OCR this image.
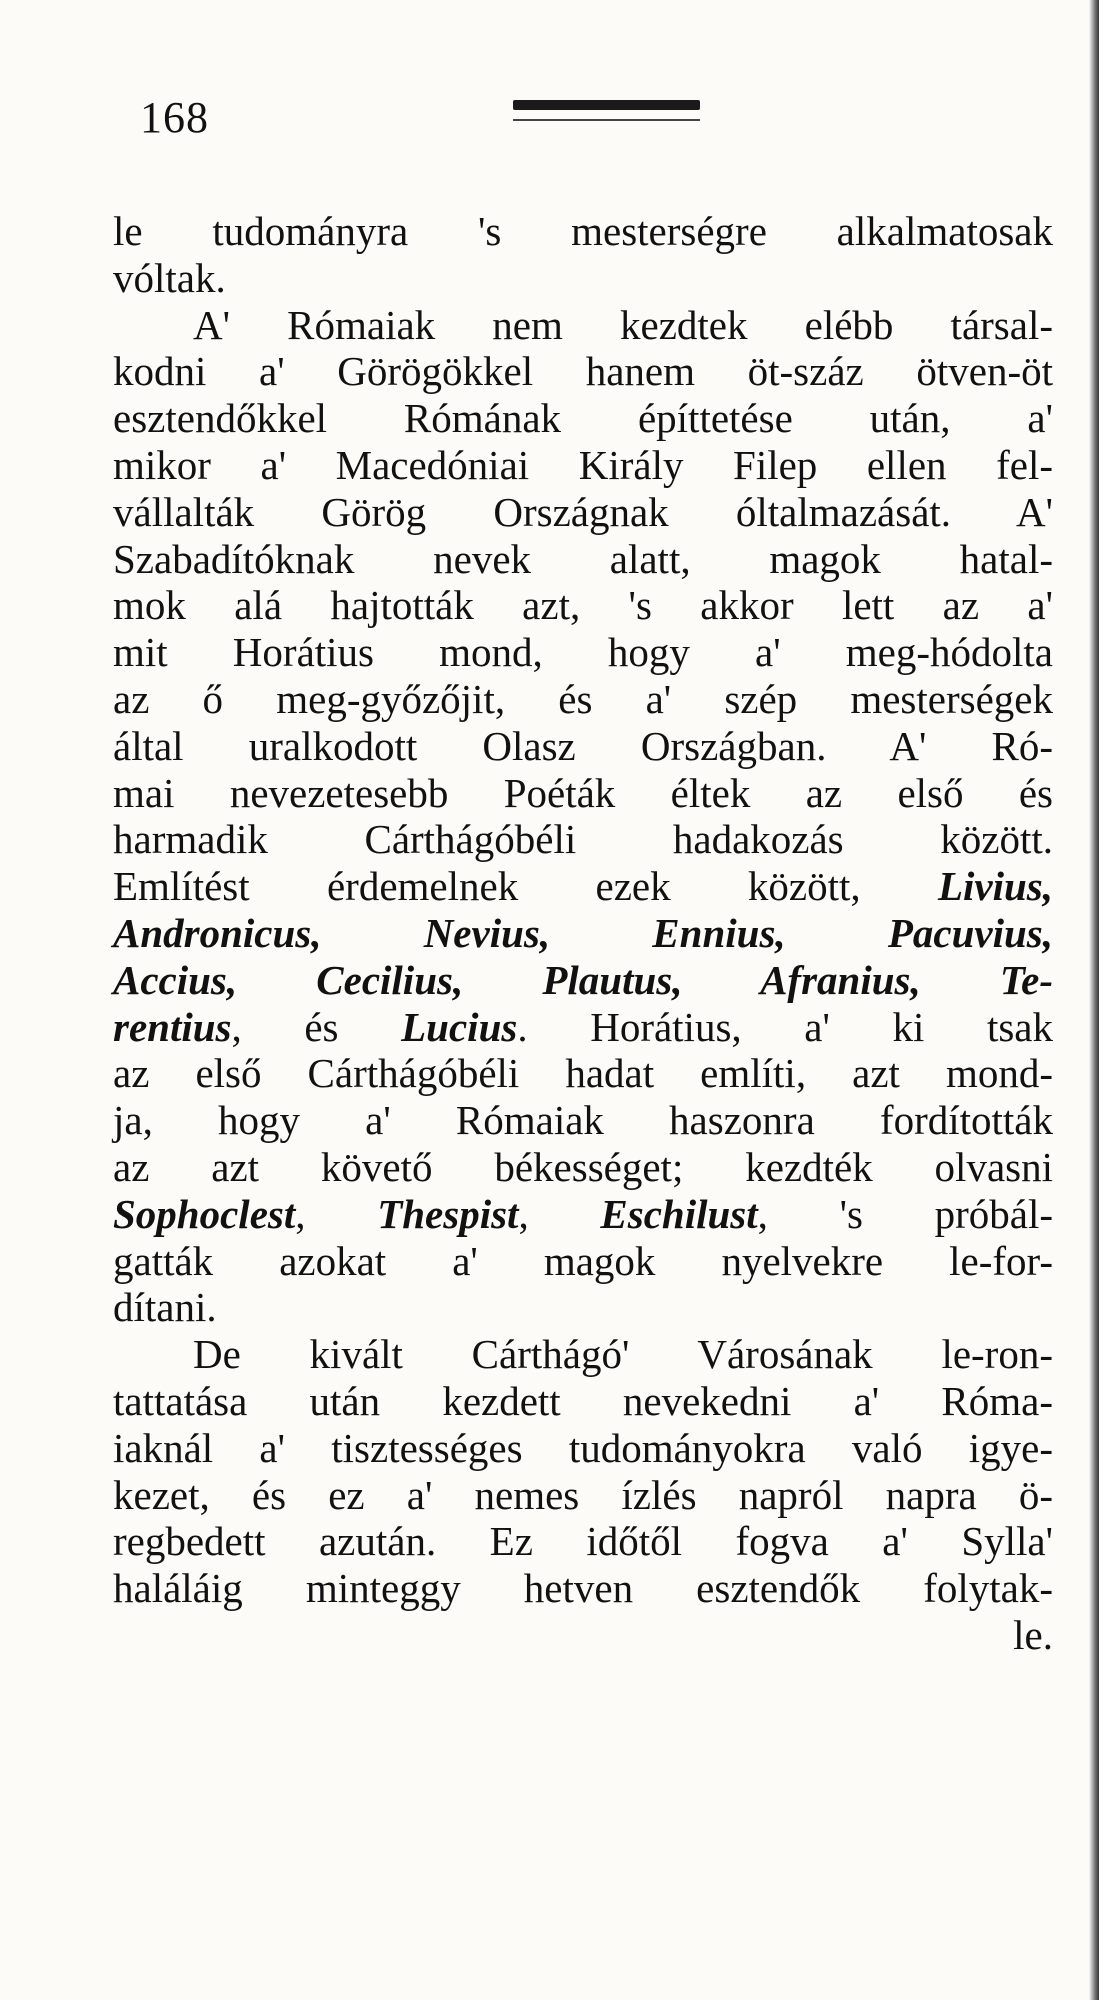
168
le tudományra 's mesterségre alkalmatosak
vóltak.
A' Rómaiak nem kezdtek elébb társal-
kodni a' Görögökkel hanem öt-száz ötven-öt
esztendőkkel Rómának építtetése után, a'
mikor a' Macedóniai Király Filep ellen fel-
vállalták Görög Országnak óltalmazását. A'
Szabadítóknak nevek alatt, magok hatal-
mok alá hajtották azt, 's akkor lett az a'
mit Horátius mond, hogy a' meg-hódolta
az ő meg-győzőjit, és a' szép mesterségek
által uralkodott Olasz Országban. A' Ró-
mai nevezetesebb Poéták éltek az első és
harmadik Cárthágóbéli hadakozás között.
Említést érdemelnek ezek között, Livius,
Andronicus, Nevius, Ennius, Pacuvius,
Accius, Cecilius, Plautus, Afranius, Te-
rentius, és Lucius. Horátius, a' ki tsak
az első Cárthágóbéli hadat említi, azt mond-
ja, hogy a' Rómaiak haszonra fordították
az azt követő békességet; kezdték olvasni
Sophoclest, Thespist, Eschilust, 's próbál-
gatták azokat a' magok nyelvekre le-for-
dítani.
De kivált Cárthágó' Városának le-ron-
tattatása után kezdett nevekedni a' Róma-
iaknál a' tisztességes tudományokra való igye-
kezet, és ez a' nemes ízlés napról napra ö-
regbedett azután. Ez időtől fogva a' Sylla'
haláláig minteggy hetven esztendők folytak-
le.
